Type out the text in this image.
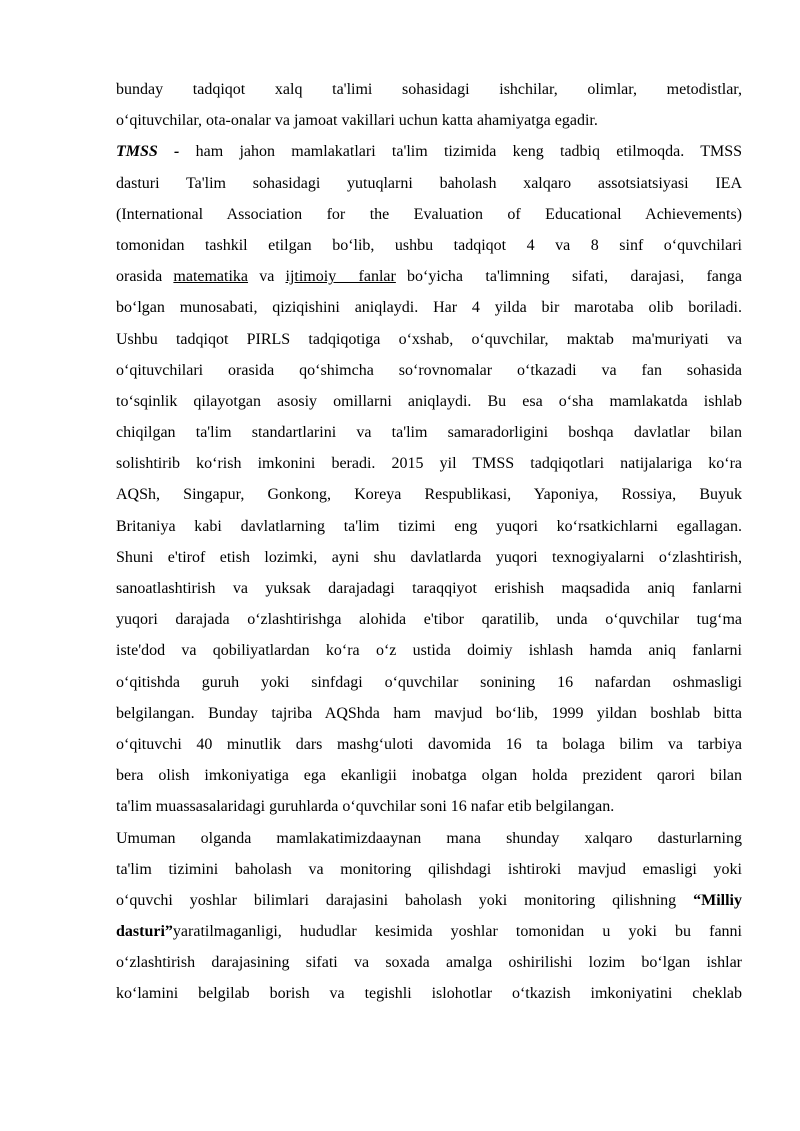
bunday tadqiqot xalq ta'limi sohasidagi ishchilar, olimlar, metodistlar,
o‘qituvchilar, ota-onalar va jamoat vakillari uchun katta ahamiyatga egadir.
TMSS - ham jahon mamlakatlari ta'lim tizimida keng tadbiq etilmoqda. TMSS
dasturi Ta'lim sohasidagi yutuqlarni baholash xalqaro assotsiatsiyasi IEA
(International Association for the Evaluation of Educational Achievements)
tomonidan tashkil etilgan bo‘lib, ushbu tadqiqot 4 va 8 sinf o‘quvchilari
orasida matematika va ijtimoiy  fanlar bo‘yicha  ta'limning  sifati,  darajasi,  fanga
bo‘lgan munosabati, qiziqishini aniqlaydi. Har 4 yilda bir marotaba olib boriladi.
Ushbu tadqiqot PIRLS tadqiqotiga o‘xshab, o‘quvchilar, maktab ma'muriyati va
o‘qituvchilari orasida qo‘shimcha so‘rovnomalar o‘tkazadi va fan sohasida
to‘sqinlik qilayotgan asosiy omillarni aniqlaydi. Bu esa o‘sha mamlakatda ishlab
chiqilgan ta'lim standartlarini va ta'lim samaradorligini boshqa davlatlar bilan
solishtirib ko‘rish imkonini beradi. 2015 yil TMSS tadqiqotlari natijalariga ko‘ra
AQSh, Singapur, Gonkong, Koreya Respublikasi, Yaponiya, Rossiya, Buyuk
Britaniya kabi davlatlarning ta'lim tizimi eng yuqori ko‘rsatkichlarni egallagan.
Shuni e'tirof etish lozimki, ayni shu davlatlarda yuqori texnogiyalarni o‘zlashtirish,
sanoatlashtirish va yuksak darajadagi taraqqiyot erishish maqsadida aniq fanlarni
yuqori darajada o‘zlashtirishga alohida e'tibor qaratilib, unda o‘quvchilar tug‘ma
iste'dod va qobiliyatlardan ko‘ra o‘z ustida doimiy ishlash hamda aniq fanlarni
o‘qitishda guruh yoki sinfdagi o‘quvchilar sonining 16 nafardan oshmasligi
belgilangan. Bunday tajriba AQShda ham mavjud bo‘lib, 1999 yildan boshlab bitta
o‘qituvchi 40 minutlik dars mashg‘uloti davomida 16 ta bolaga bilim va tarbiya
bera olish imkoniyatiga ega ekanligii inobatga olgan holda prezident qarori bilan
ta'lim muassasalaridagi guruhlarda o‘quvchilar soni 16 nafar etib belgilangan.
Umuman olganda mamlakatimizdaaynan mana shunday xalqaro dasturlarning
ta'lim tizimini baholash va monitoring qilishdagi ishtiroki mavjud emasligi yoki
o‘quvchi yoshlar bilimlari darajasini baholash yoki monitoring qilishning “Milliy
dasturi”yaratilmaganligi, hududlar kesimida yoshlar tomonidan u yoki bu fanni
o‘zlashtirish darajasining sifati va soxada amalga oshirilishi lozim bo‘lgan ishlar
ko‘lamini belgilab borish va tegishli islohotlar o‘tkazish imkoniyatini cheklab
